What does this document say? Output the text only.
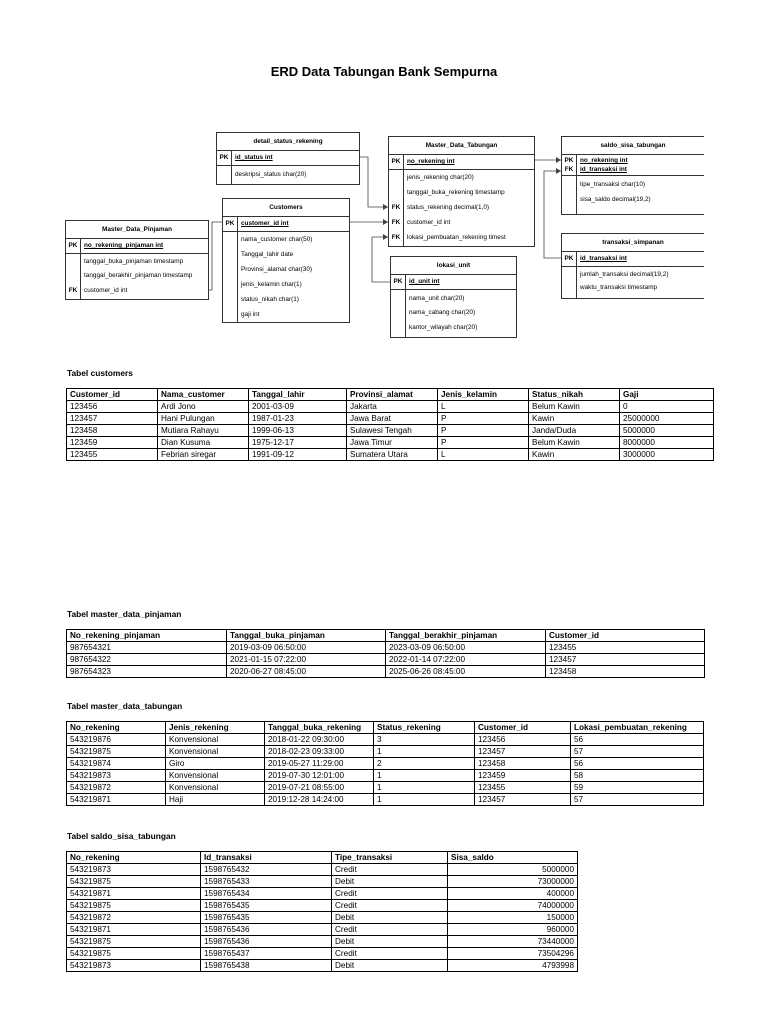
ERD Data Tabungan Bank Sempurna
detail_status_rekening
PK	id_status int
deskripsi_status char(20)
Master_Data_Tabungan
PK	no_rekening int
jenis_rekening char(20)
tanggal_buka_rekening timestamp
FK	status_rekening decimal(1,0)
FK	customer_id int
FK	lokasi_pembuatan_rekening timest
saldo_sisa_tabungan
PK	no_rekening int
FK	id_transaksi int
tipe_transaksi char(10)
sisa_saldo decimal(19,2)
Customers
PK	customer_id int
nama_customer char(50)
Tanggal_lahir date
Provinsi_alamat char(30)
jenis_kelamin char(1)
status_nikah char(1)
gaji int
Master_Data_Pinjaman
PK	no_rekening_pinjaman int
tanggal_buka_pinjaman timestamp
tanggal_berakhir_pinjaman timestamp
FK	customer_id int
transaksi_simpanan
PK	id_transaksi int
jumlah_transaksi decimal(19,2)
waktu_transaksi timestamp
lokasi_unit
PK	id_unit int
nama_unit char(20)
nama_cabang char(20)
kantor_wilayah char(20)
Tabel customers
Customer_id	Nama_customer	Tanggal_lahir	Provinsi_alamat	Jenis_kelamin	Status_nikah	Gaji
123456	Ardi Jono	2001-03-09	Jakarta	L	Belum Kawin	0
123457	Hani Pulungan	1987-01-23	Jawa Barat	P	Kawin	25000000
123458	Mutiara Rahayu	1999-06-13	Sulawesi Tengah	P	Janda/Duda	5000000
123459	Dian Kusuma	1975-12-17	Jawa Timur	P	Belum Kawin	8000000
123455	Febrian siregar	1991-09-12	Sumatera Utara	L	Kawin	3000000
Tabel master_data_pinjaman
No_rekening_pinjaman	Tanggal_buka_pinjaman	Tanggal_berakhir_pinjaman	Customer_id
987654321	2019-03-09 06:50:00	2023-03-09 06:50:00	123455
987654322	2021-01-15 07:22:00	2022-01-14 07:22:00	123457
987654323	2020-06-27 08:45:00	2025-06-26 08:45:00	123458
Tabel master_data_tabungan
No_rekening	Jenis_rekening	Tanggal_buka_rekening	Status_rekening	Customer_id	Lokasi_pembuatan_rekening
543219876	Konvensional	2018-01-22 09:30:00	3	123456	56
543219875	Konvensional	2018-02-23 09:33:00	1	123457	57
543219874	Giro	2019-05-27 11:29:00	2	123458	56
543219873	Konvensional	2019-07-30 12:01:00	1	123459	58
543219872	Konvensional	2019-07-21 08:55:00	1	123455	59
543219871	Haji	2019:12-28 14:24:00	1	123457	57
Tabel saldo_sisa_tabungan
No_rekening	Id_transaksi	Tipe_transaksi	Sisa_saldo
543219873	1598765432	Credit	5000000
543219875	1598765433	Debit	73000000
543219871	1598765434	Credit	400000
543219875	1598765435	Credit	74000000
543219872	1598765435	Debit	150000
543219871	1598765436	Credit	960000
543219875	1598765436	Debit	73440000
543219875	1598765437	Credit	73504296
543219873	1598765438	Debit	4793998
